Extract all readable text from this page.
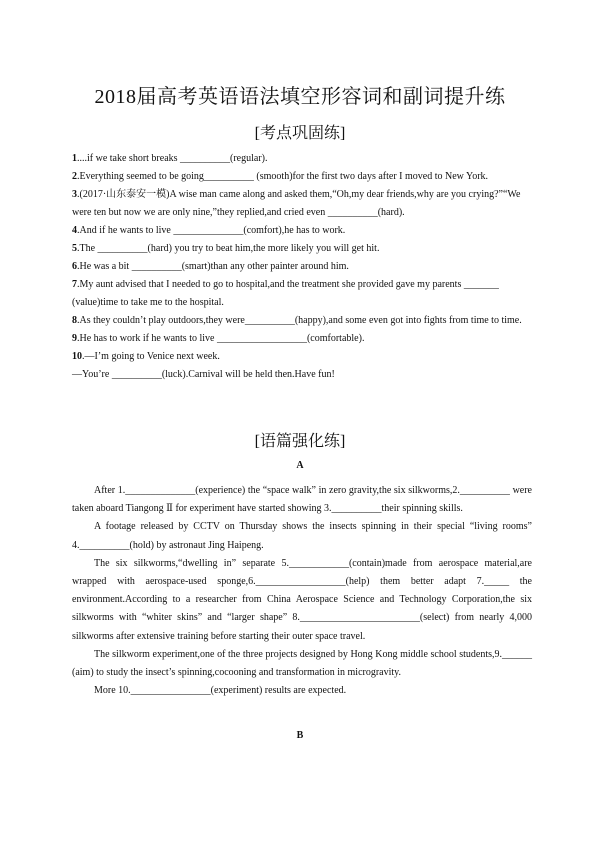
2018届高考英语语法填空形容词和副词提升练
[考点巩固练]

1....if we take short breaks __________(regular).

2.Everything seemed to be going__________ (smooth)for the first two days after I moved to New York.

3.(2017·山东泰安一模)A wise man came along and asked them,“Oh,my dear friends,why are you crying?”“We were ten but now we are only nine,”they replied,and cried even __________(hard).

4.And if he wants to live ______________(comfort),he has to work.

5.The __________(hard) you try to beat him,the more likely you will get hit.

6.He was a bit __________(smart)than any other painter around him.

7.My aunt advised that I needed to go to hospital,and the treatment she provided gave my parents _______ (value)time to take me to the hospital.

8.As they couldn’t play outdoors,they were__________(happy),and some even got into fights from time to time.

9.He has to work if he wants to live __________________(comfortable).

10.—I’m going to Venice next week.

—You’re __________(luck).Carnival will be held then.Have fun!

[语篇强化练]
A

After 1.______________(experience) the “space walk” in zero gravity,the six silkworms,2.__________ were taken aboard Tiangong Ⅱ for experiment have started showing 3.__________their spinning skills.

A footage released by CCTV on Thursday shows the insects spinning in their special “living rooms” 4.__________(hold) by astronaut Jing Haipeng.

The six silkworms,“dwelling in” separate 5.____________(contain)made from aerospace material,are wrapped with aerospace-used sponge,6.__________________(help) them better adapt 7._____ the environment.According to a researcher from China Aerospace Science and Technology Corporation,the six silkworms with “whiter skins” and “larger shape” 8.________________________(select) from nearly 4,000 silkworms after extensive training before starting their outer space travel.

The silkworm experiment,one of the three projects designed by Hong Kong middle school students,9.______ (aim) to study the insect’s spinning,cocooning and transformation in microgravity.

More 10.________________(experiment) results are expected.

B
